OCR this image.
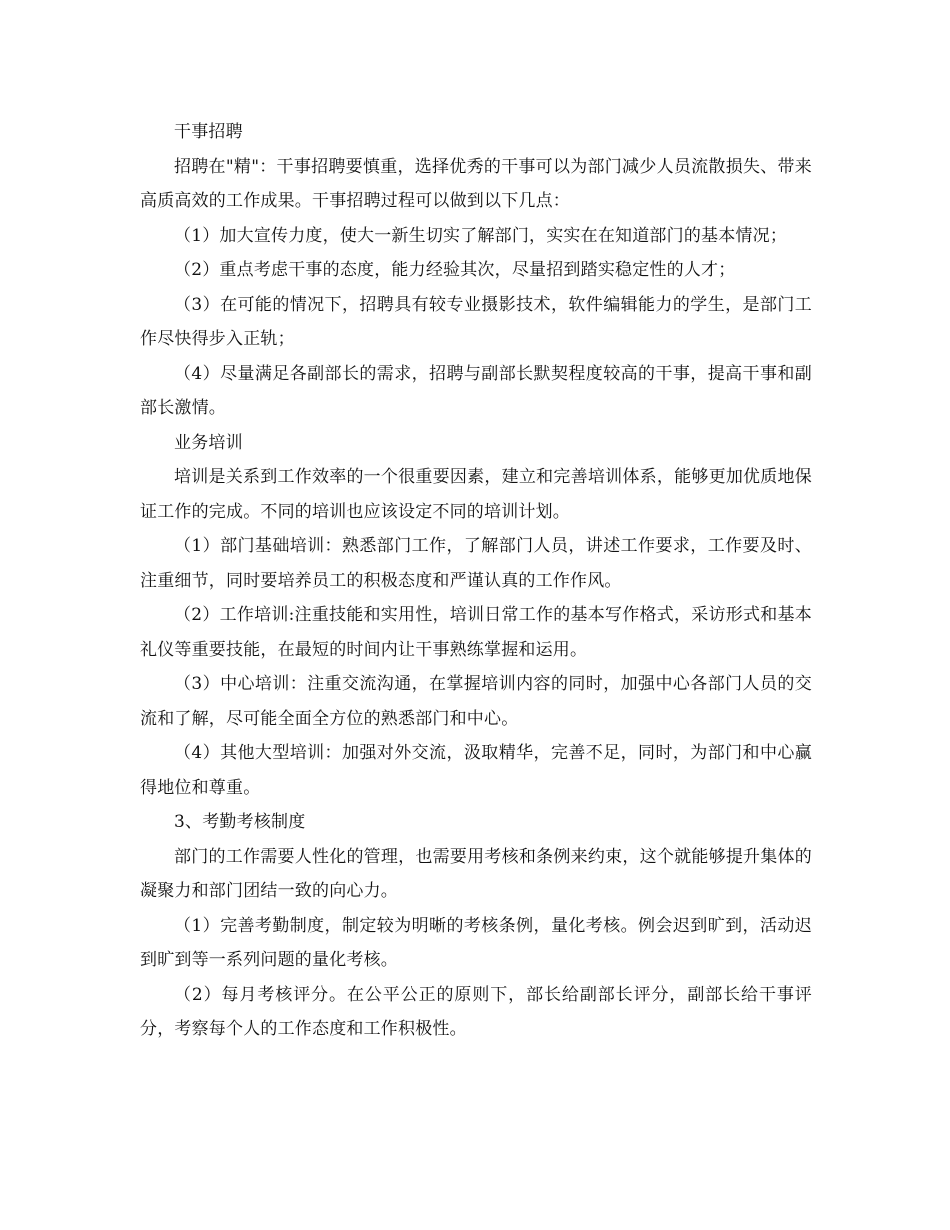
干事招聘

招聘在"精"：干事招聘要慎重，选择优秀的干事可以为部门减少人员流散损失、带来高质高效的工作成果。干事招聘过程可以做到以下几点：

（1）加大宣传力度，使大一新生切实了解部门，实实在在知道部门的基本情况；

（2）重点考虑干事的态度，能力经验其次，尽量招到踏实稳定性的人才；

（3）在可能的情况下，招聘具有较专业摄影技术，软件编辑能力的学生，是部门工作尽快得步入正轨；

（4）尽量满足各副部长的需求，招聘与副部长默契程度较高的干事，提高干事和副部长激情。

业务培训

培训是关系到工作效率的一个很重要因素，建立和完善培训体系，能够更加优质地保证工作的完成。不同的培训也应该设定不同的培训计划。

（1）部门基础培训：熟悉部门工作，了解部门人员，讲述工作要求，工作要及时、注重细节，同时要培养员工的积极态度和严谨认真的工作作风。

（2）工作培训:注重技能和实用性，培训日常工作的基本写作格式，采访形式和基本礼仪等重要技能，在最短的时间内让干事熟练掌握和运用。

（3）中心培训：注重交流沟通，在掌握培训内容的同时，加强中心各部门人员的交流和了解，尽可能全面全方位的熟悉部门和中心。

（4）其他大型培训：加强对外交流，汲取精华，完善不足，同时，为部门和中心赢得地位和尊重。

3、考勤考核制度

部门的工作需要人性化的管理，也需要用考核和条例来约束，这个就能够提升集体的凝聚力和部门团结一致的向心力。

（1）完善考勤制度，制定较为明晰的考核条例，量化考核。例会迟到旷到，活动迟到旷到等一系列问题的量化考核。

（2）每月考核评分。在公平公正的原则下，部长给副部长评分，副部长给干事评分，考察每个人的工作态度和工作积极性。
